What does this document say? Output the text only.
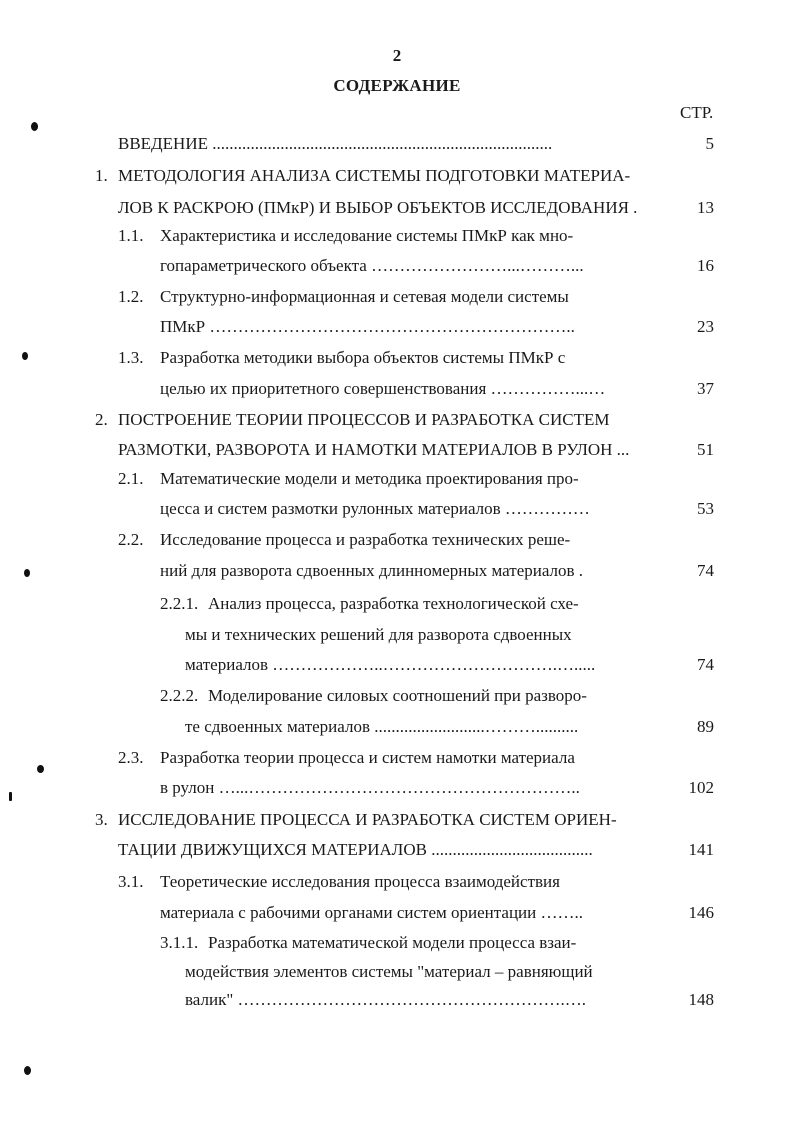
2
СОДЕРЖАНИЕ
СТР.
ВВЕДЕНИЕ ................................................................................	5
1. МЕТОДОЛОГИЯ АНАЛИЗА СИСТЕМЫ ПОДГОТОВКИ МАТЕРИА-
ЛОВ К РАСКРОЮ (ПМкР) И ВЫБОР ОБЪЕКТОВ ИССЛЕДОВАНИЯ .	13
1.1. Характеристика и исследование системы ПМкР как мно-
гопараметрического объекта ……………………...………...	16
1.2. Структурно-информационная и сетевая модели системы
ПМкР ………………………………………………………..	23
1.3. Разработка методики выбора объектов системы ПМкР с
целью их приоритетного совершенствования ……………...…	37
2. ПОСТРОЕНИЕ ТЕОРИИ ПРОЦЕССОВ И РАЗРАБОТКА СИСТЕМ
РАЗМОТКИ, РАЗВОРОТА И НАМОТКИ МАТЕРИАЛОВ В РУЛОН ...	51
2.1. Математические модели и методика проектирования про-
цесса и систем размотки рулонных материалов ……………	53
2.2. Исследование процесса и разработка технических реше-
ний для разворота сдвоенных длинномерных материалов .	74
2.2.1. Анализ процесса, разработка технологической схе-
мы и технических решений для разворота сдвоенных
материалов ………………..………………………….….....	74
2.2.2. Моделирование силовых соотношений при разворо-
те сдвоенных материалов ..........................………..........	89
2.3. Разработка теории процесса и систем намотки материала
в рулон …...…………………………………………………..	102
3. ИССЛЕДОВАНИЕ ПРОЦЕССА И РАЗРАБОТКА СИСТЕМ ОРИЕН-
ТАЦИИ ДВИЖУЩИХСЯ МАТЕРИАЛОВ ......................................	141
3.1. Теоретические исследования процесса взаимодействия
материала с рабочими органами систем ориентации ……..	146
3.1.1. Разработка математической модели процесса взаи-
модействия элементов системы "материал – равняющий
валик" ………………………………………………….….	148
